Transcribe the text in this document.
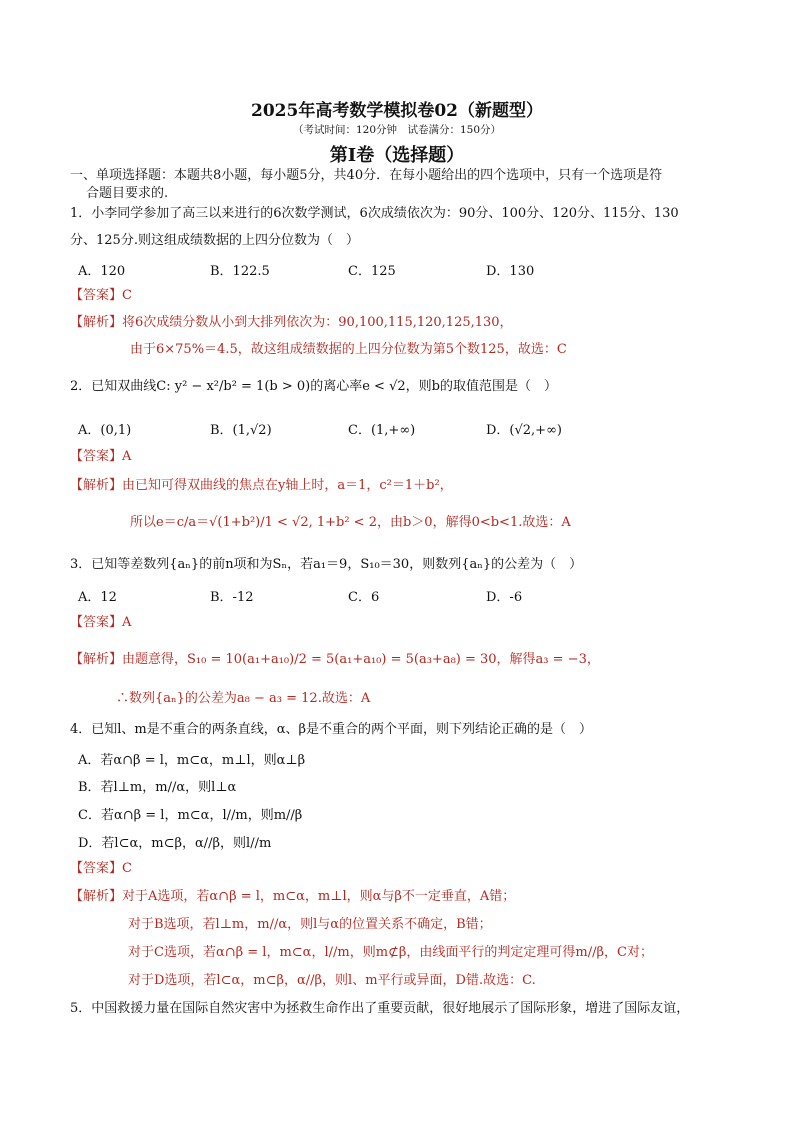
2025年高考数学模拟卷02（新题型）
（考试时间：120分钟　试卷满分：150分）
第Ⅰ卷（选择题）
一、单项选择题：本题共8小题，每小题5分，共40分．在每小题给出的四个选项中，只有一个选项是符
合题目要求的.
1．小李同学参加了高三以来进行的6次数学测试，6次成绩依次为：90分、100分、120分、115分、130
分、125分.则这组成绩数据的上四分位数为（　）
A．120	B．122.5	C．125	D．130
【答案】C
【解析】将6次成绩分数从小到大排列依次为：90,100,115,120,125,130，
由于6×75%＝4.5，故这组成绩数据的上四分位数为第5个数125，故选：C
2．已知双曲线C: y² − x²/b² = 1(b > 0)的离心率e < √2，则b的取值范围是（　）
A．(0,1)	B．(1,√2)	C．(1,+∞)	D．(√2,+∞)
【答案】A
【解析】由已知可得双曲线的焦点在y轴上时，a＝1，c²＝1＋b²，
所以e＝c/a＝√(1+b²)/1 < √2, 1+b² < 2，由b＞0，解得0<b<1.故选：A
3．已知等差数列{aₙ}的前n项和为Sₙ，若a₁＝9，S₁₀＝30，则数列{aₙ}的公差为（　）
A．12	B．-12	C．6	D．-6
【答案】A
【解析】由题意得，S₁₀ = 10(a₁+a₁₀)/2 = 5(a₁+a₁₀) = 5(a₃+a₈) = 30，解得a₃ = −3，
∴数列{aₙ}的公差为a₈ − a₃ = 12.故选：A
4．已知l、m是不重合的两条直线，α、β是不重合的两个平面，则下列结论正确的是（　）
A．若α∩β = l，m⊂α，m⊥l，则α⊥β
B．若l⊥m，m//α，则l⊥α
C．若α∩β = l，m⊂α，l//m，则m//β
D．若l⊂α，m⊂β，α//β，则l//m
【答案】C
【解析】对于A选项，若α∩β = l，m⊂α，m⊥l，则α与β不一定垂直，A错；
对于B选项，若l⊥m，m//α，则l与α的位置关系不确定，B错；
对于C选项，若α∩β = l，m⊂α，l//m，则m⊄β，由线面平行的判定定理可得m//β，C对；
对于D选项，若l⊂α，m⊂β，α//β，则l、m平行或异面，D错.故选：C.
5．中国救援力量在国际自然灾害中为拯救生命作出了重要贡献，很好地展示了国际形象，增进了国际友谊，
